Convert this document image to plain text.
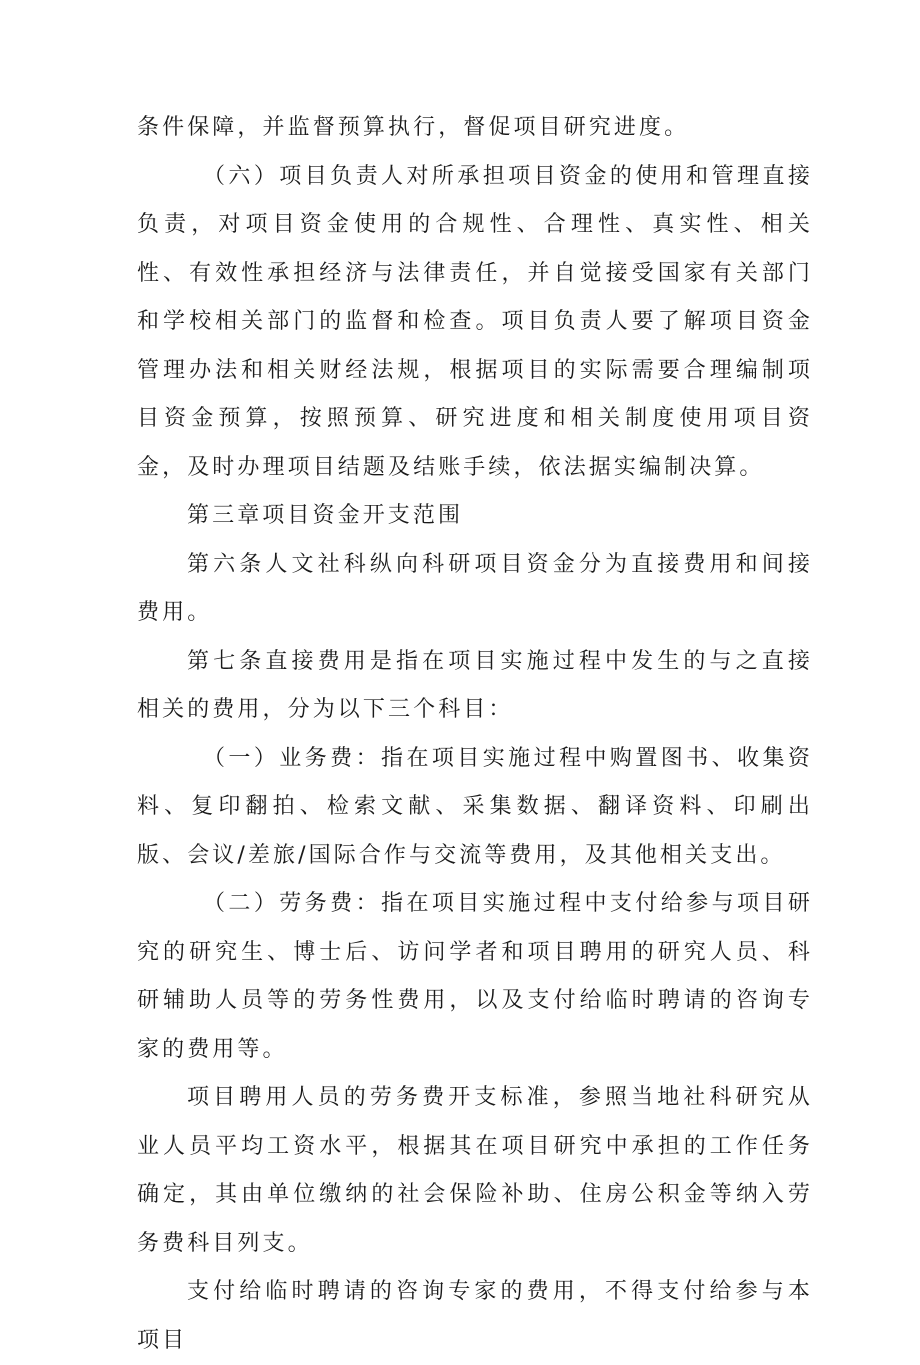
条件保障，并监督预算执行，督促项目研究进度。

（六）项目负责人对所承担项目资金的使用和管理直接负责，对项目资金使用的合规性、合理性、真实性、相关性、有效性承担经济与法律责任，并自觉接受国家有关部门和学校相关部门的监督和检查。项目负责人要了解项目资金管理办法和相关财经法规，根据项目的实际需要合理编制项目资金预算，按照预算、研究进度和相关制度使用项目资金，及时办理项目结题及结账手续，依法据实编制决算。

第三章项目资金开支范围

第六条人文社科纵向科研项目资金分为直接费用和间接费用。

第七条直接费用是指在项目实施过程中发生的与之直接相关的费用，分为以下三个科目：

（一）业务费：指在项目实施过程中购置图书、收集资料、复印翻拍、检索文献、采集数据、翻译资料、印刷出版、会议/差旅/国际合作与交流等费用，及其他相关支出。

（二）劳务费：指在项目实施过程中支付给参与项目研究的研究生、博士后、访问学者和项目聘用的研究人员、科研辅助人员等的劳务性费用，以及支付给临时聘请的咨询专家的费用等。

项目聘用人员的劳务费开支标准，参照当地社科研究从业人员平均工资水平，根据其在项目研究中承担的工作任务确定，其由单位缴纳的社会保险补助、住房公积金等纳入劳务费科目列支。

支付给临时聘请的咨询专家的费用，不得支付给参与本项目
